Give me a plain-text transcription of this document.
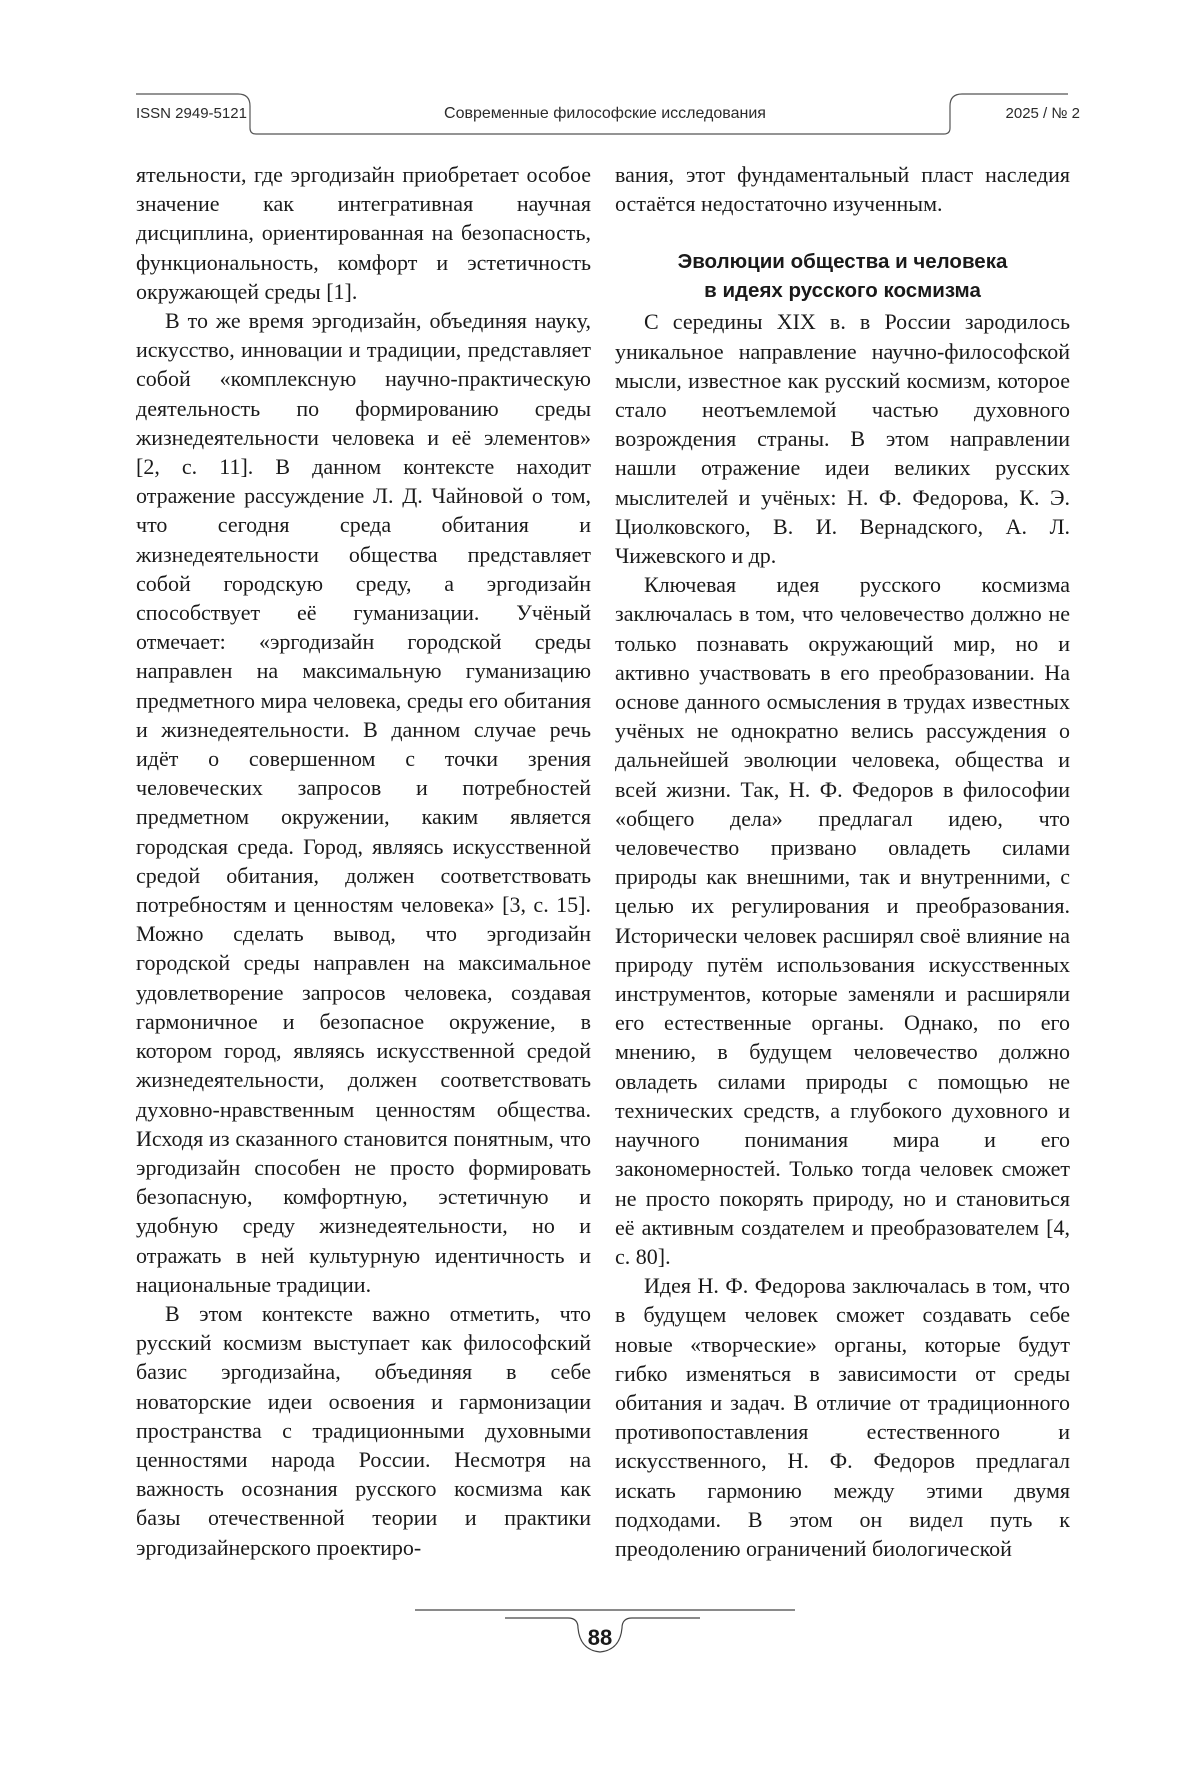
ISSN 2949-5121	Современные философские исследования	2025 / № 2

ятельности, где эргодизайн приобретает особое значение как интегративная научная дисциплина, ориентированная на безопасность, функциональность, комфорт и эстетичность окружающей среды [1].

В то же время эргодизайн, объединяя науку, искусство, инновации и традиции, представляет собой «комплексную научно-практическую деятельность по формированию среды жизнедеятельности человека и её элементов» [2, с. 11]. В данном контексте находит отражение рассуждение Л. Д. Чайновой о том, что сегодня среда обитания и жизнедеятельности общества представляет собой городскую среду, а эргодизайн способствует её гуманизации. Учёный отмечает: «эргодизайн городской среды направлен на максимальную гуманизацию предметного мира человека, среды его обитания и жизнедеятельности. В данном случае речь идёт о совершенном с точки зрения человеческих запросов и потребностей предметном окружении, каким является городская среда. Город, являясь искусственной средой обитания, должен соответствовать потребностям и ценностям человека» [3, с. 15]. Можно сделать вывод, что эргодизайн городской среды направлен на максимальное удовлетворение запросов человека, создавая гармоничное и безопасное окружение, в котором город, являясь искусственной средой жизнедеятельности, должен соответствовать духовно-нравственным ценностям общества. Исходя из сказанного становится понятным, что эргодизайн способен не просто формировать безопасную, комфортную, эстетичную и удобную среду жизнедеятельности, но и отражать в ней культурную идентичность и национальные традиции.

В этом контексте важно отметить, что русский космизм выступает как философский базис эргодизайна, объединяя в себе новаторские идеи освоения и гармонизации пространства с традиционными духовными ценностями народа России. Несмотря на важность осознания русского космизма как базы отечественной теории и практики эргодизайнерского проектиро-

вания, этот фундаментальный пласт наследия остаётся недостаточно изученным.

Эволюции общества и человека
в идеях русского космизма

С середины XIX в. в России зародилось уникальное направление научно-философской мысли, известное как русский космизм, которое стало неотъемлемой частью духовного возрождения страны. В этом направлении нашли отражение идеи великих русских мыслителей и учёных: Н. Ф. Федорова, К. Э. Циолковского, В. И. Вернадского, А. Л. Чижевского и др.

Ключевая идея русского космизма заключалась в том, что человечество должно не только познавать окружающий мир, но и активно участвовать в его преобразовании. На основе данного осмысления в трудах известных учёных не однократно велись рассуждения о дальнейшей эволюции человека, общества и всей жизни. Так, Н. Ф. Федоров в философии «общего дела» предлагал идею, что человечество призвано овладеть силами природы как внешними, так и внутренними, с целью их регулирования и преобразования. Исторически человек расширял своё влияние на природу путём использования искусственных инструментов, которые заменяли и расширяли его естественные органы. Однако, по его мнению, в будущем человечество должно овладеть силами природы с помощью не технических средств, а глубокого духовного и научного понимания мира и его закономерностей. Только тогда человек сможет не просто покорять природу, но и становиться её активным создателем и преобразователем [4, с. 80].

Идея Н. Ф. Федорова заключалась в том, что в будущем человек сможет создавать себе новые «творческие» органы, которые будут гибко изменяться в зависимости от среды обитания и задач. В отличие от традиционного противопоставления естественного и искусственного, Н. Ф. Федоров предлагал искать гармонию между этими двумя подходами. В этом он видел путь к преодолению ограничений биологической

88
